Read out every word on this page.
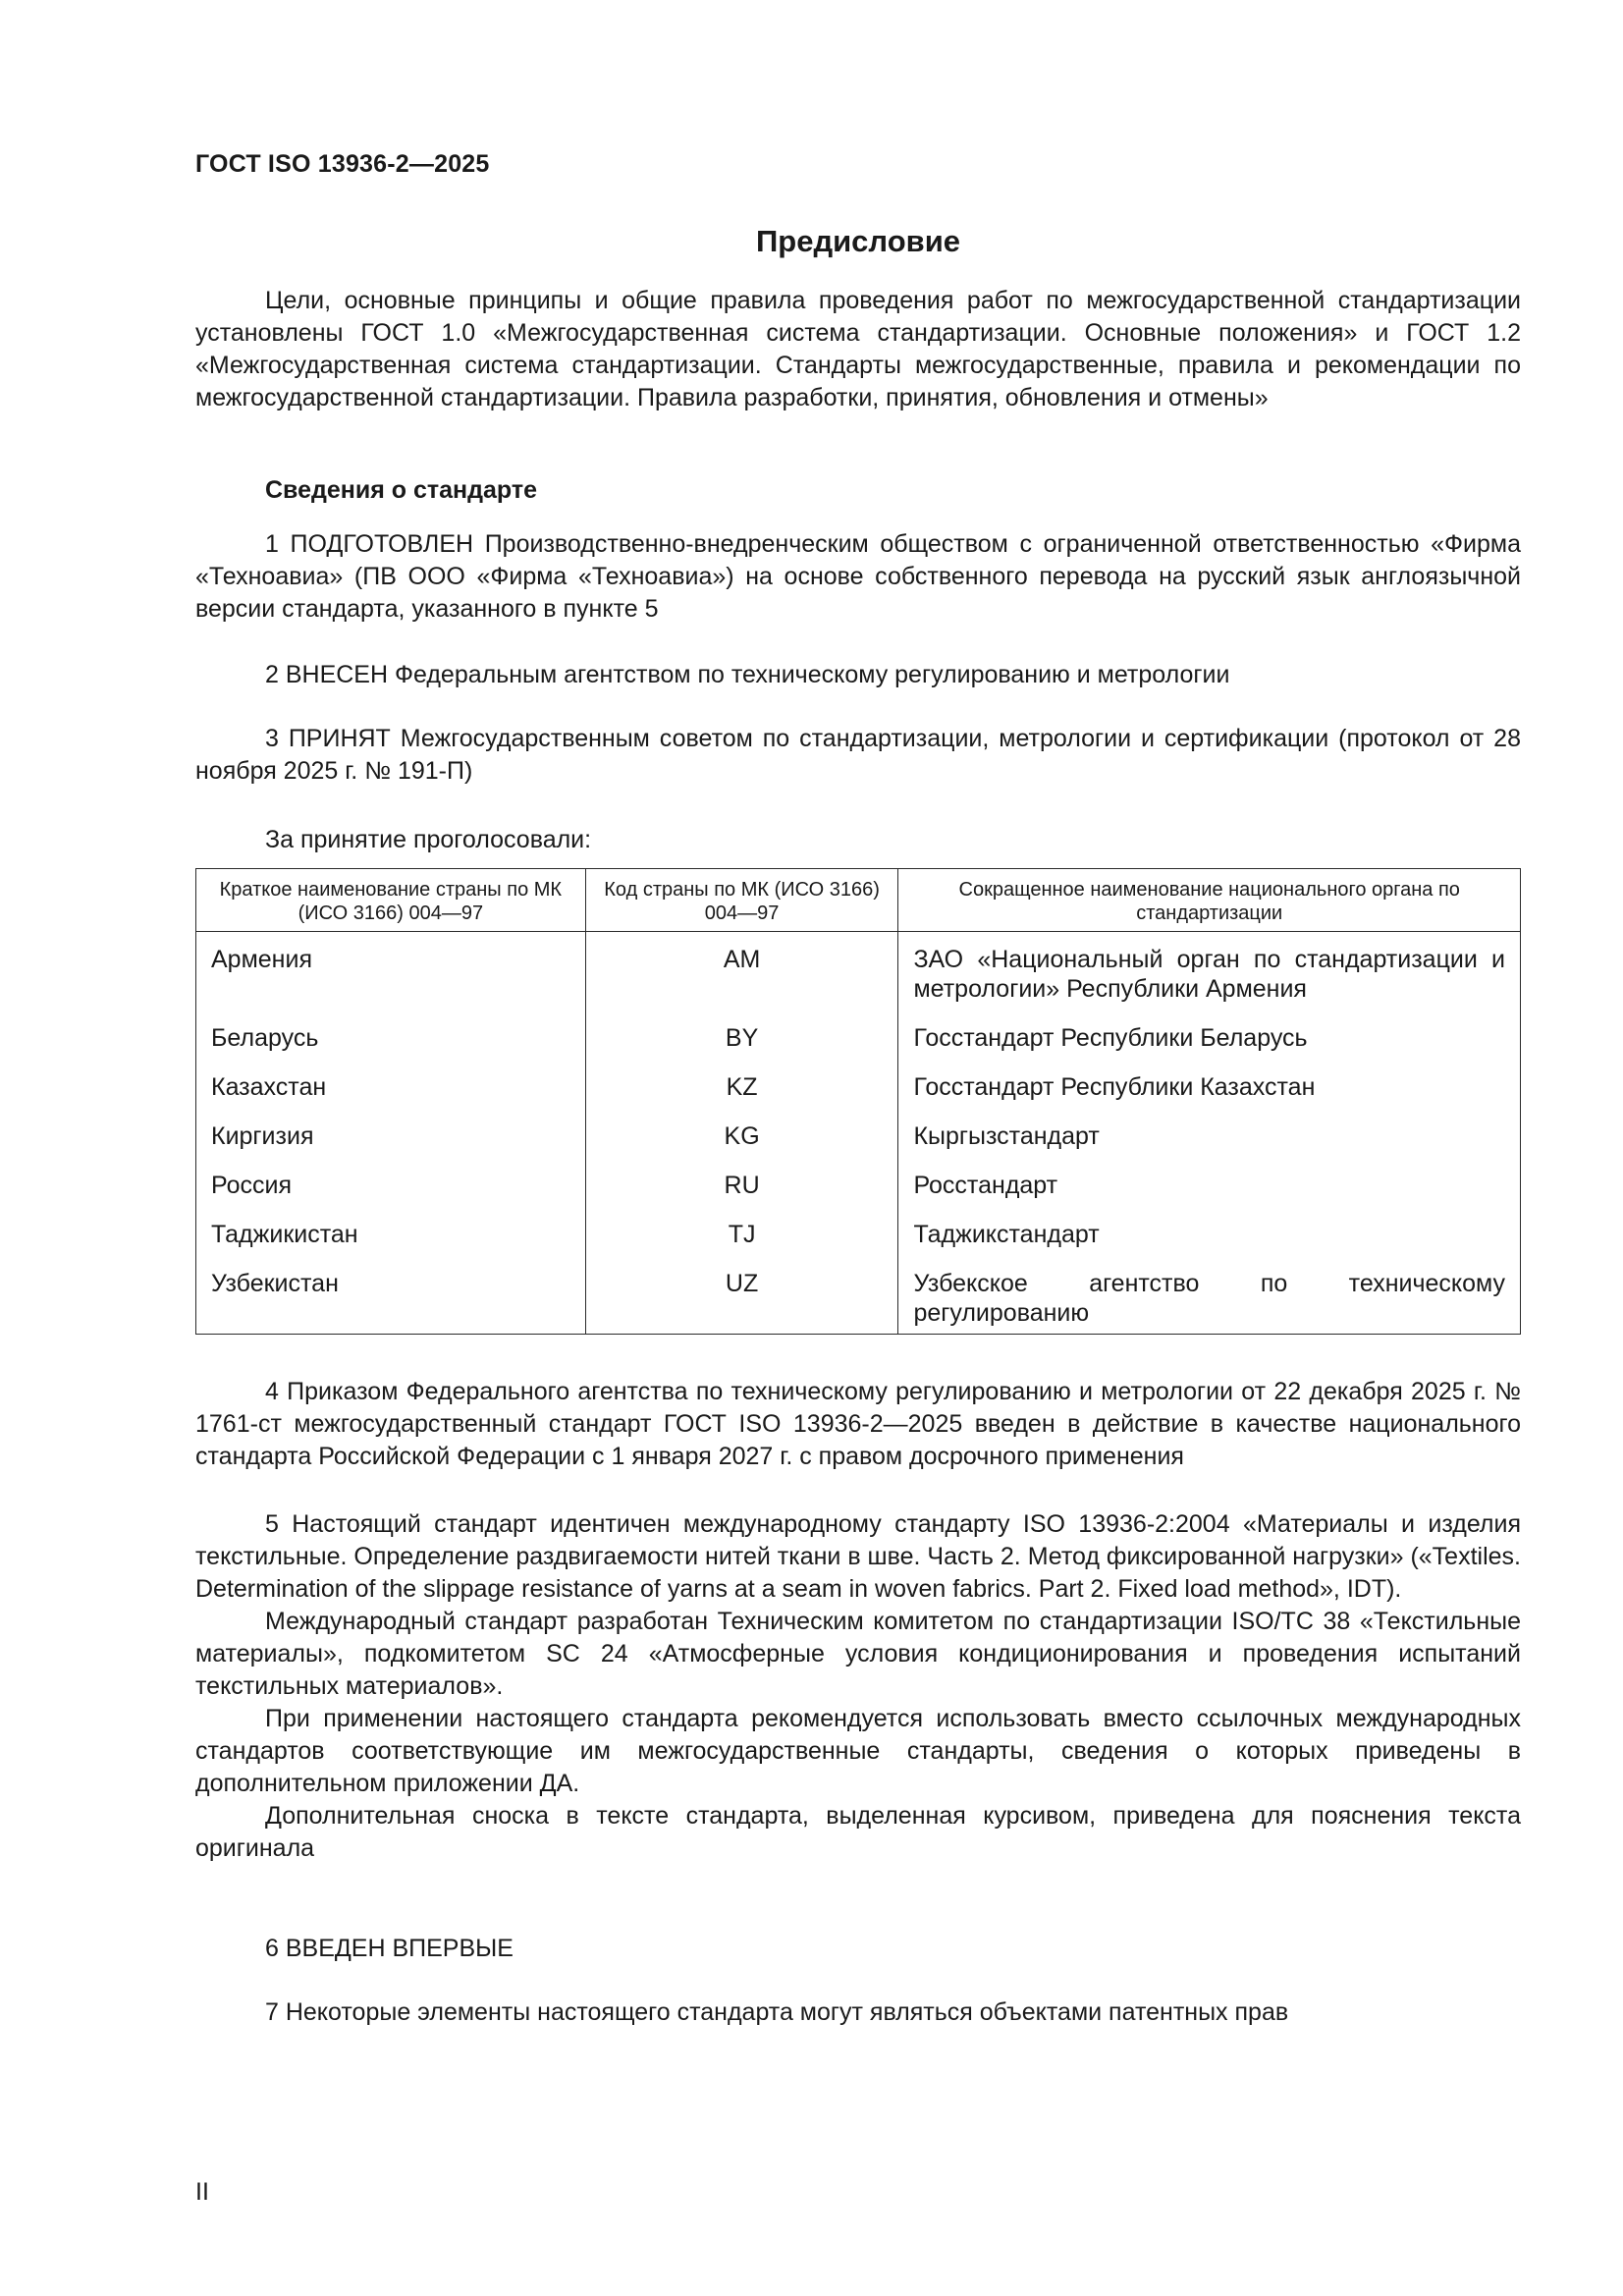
ГОСТ ISO 13936-2—2025
Предисловие

Цели, основные принципы и общие правила проведения работ по межгосударственной стандартизации установлены ГОСТ 1.0 «Межгосударственная система стандартизации. Основные положения» и ГОСТ 1.2 «Межгосударственная система стандартизации. Стандарты межгосударственные, правила и рекомендации по межгосударственной стандартизации. Правила разработки, принятия, обновления и отмены»

Сведения о стандарте

1 ПОДГОТОВЛЕН Производственно-внедренческим обществом с ограниченной ответственностью «Фирма «Техноавиа» (ПВ ООО «Фирма «Техноавиа») на основе собственного перевода на русский язык англоязычной версии стандарта, указанного в пункте 5

2 ВНЕСЕН Федеральным агентством по техническому регулированию и метрологии

3 ПРИНЯТ Межгосударственным советом по стандартизации, метрологии и сертификации (протокол от 28 ноября 2025 г. № 191-П)

За принятие проголосовали:

Краткое наименование страны по МК (ИСО 3166) 004—97	Код страны по МК (ИСО 3166) 004—97	Сокращенное наименование национального органа по стандартизации
Армения	AM	ЗАО «Национальный орган по стандартизации и метрологии» Республики Армения
Беларусь	BY	Госстандарт Республики Беларусь
Казахстан	KZ	Госстандарт Республики Казахстан
Киргизия	KG	Кыргызстандарт
Россия	RU	Росстандарт
Таджикистан	TJ	Таджикстандарт
Узбекистан	UZ	Узбекское агентство по техническому регулированию

4 Приказом Федерального агентства по техническому регулированию и метрологии от 22 декабря 2025 г. № 1761-ст межгосударственный стандарт ГОСТ ISO 13936-2—2025 введен в действие в качестве национального стандарта Российской Федерации с 1 января 2027 г. с правом досрочного применения

5 Настоящий стандарт идентичен международному стандарту ISO 13936-2:2004 «Материалы и изделия текстильные. Определение раздвигаемости нитей ткани в шве. Часть 2. Метод фиксированной нагрузки» («Textiles. Determination of the slippage resistance of yarns at a seam in woven fabrics. Part 2. Fixed load method», IDT).

Международный стандарт разработан Техническим комитетом по стандартизации ISO/TC 38 «Текстильные материалы», подкомитетом SC 24 «Атмосферные условия кондиционирования и проведения испытаний текстильных материалов».

При применении настоящего стандарта рекомендуется использовать вместо ссылочных международных стандартов соответствующие им межгосударственные стандарты, сведения о которых приведены в дополнительном приложении ДА.

Дополнительная сноска в тексте стандарта, выделенная курсивом, приведена для пояснения текста оригинала

6 ВВЕДЕН ВПЕРВЫЕ

7 Некоторые элементы настоящего стандарта могут являться объектами патентных прав

II
